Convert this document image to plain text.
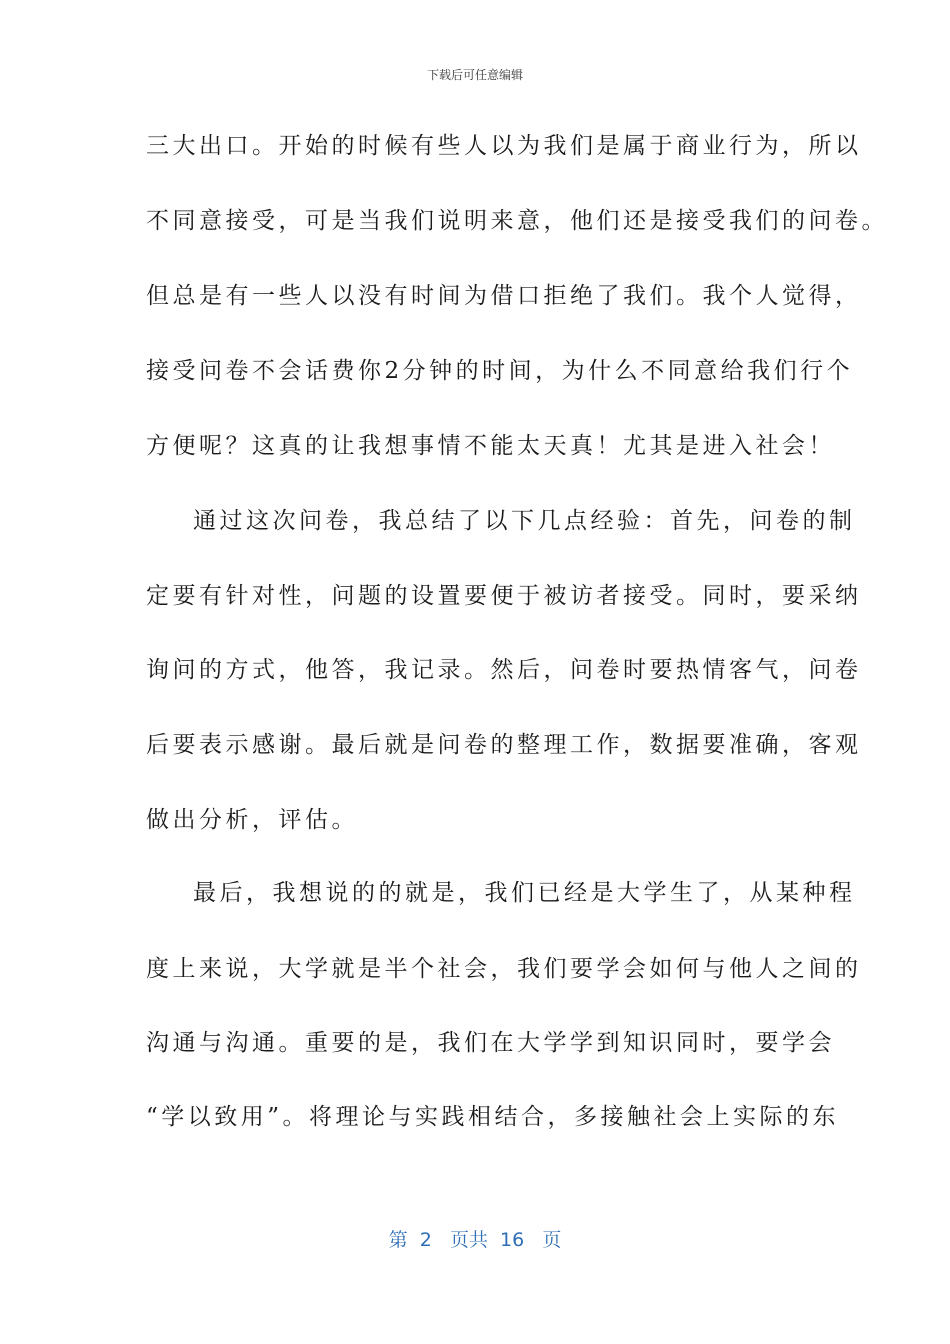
下载后可任意编辑
三大出口。开始的时候有些人以为我们是属于商业行为，所以
不同意接受，可是当我们说明来意，他们还是接受我们的问卷。
但总是有一些人以没有时间为借口拒绝了我们。我个人觉得，
接受问卷不会话费你2分钟的时间，为什么不同意给我们行个
方便呢？这真的让我想事情不能太天真！尤其是进入社会！
通过这次问卷，我总结了以下几点经验：首先，问卷的制
定要有针对性，问题的设置要便于被访者接受。同时，要采纳
询问的方式，他答，我记录。然后，问卷时要热情客气，问卷
后要表示感谢。最后就是问卷的整理工作，数据要准确，客观
做出分析，评估。
最后，我想说的的就是，我们已经是大学生了，从某种程
度上来说，大学就是半个社会，我们要学会如何与他人之间的
沟通与沟通。重要的是，我们在大学学到知识同时，要学会
“学以致用”。将理论与实践相结合，多接触社会上实际的东
第  2   页共  16   页
